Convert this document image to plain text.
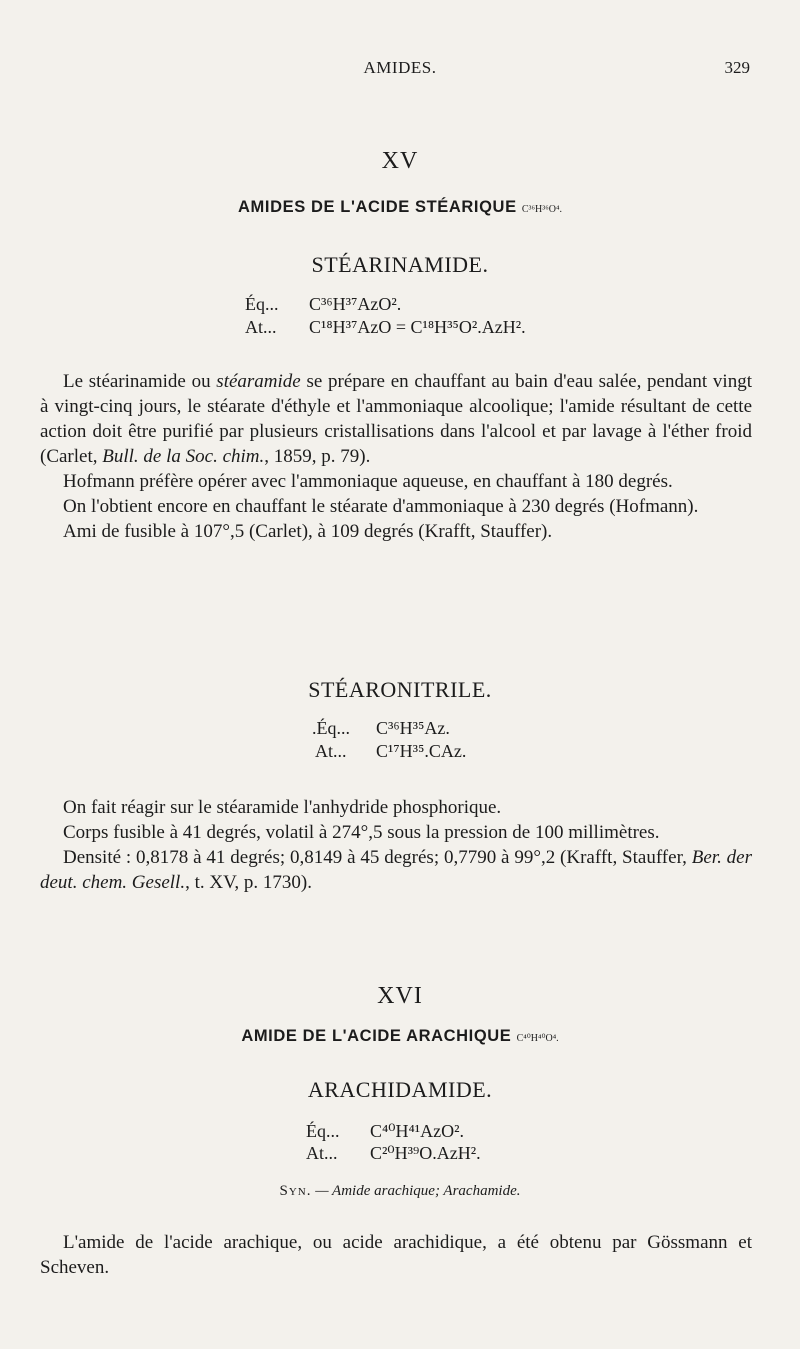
AMIDES.	329
XV
AMIDES DE L'ACIDE STÉARIQUE C³⁶H³⁶O⁴.
STÉARINAMIDE.
Éq... C³⁶H³⁷AzO².
At... C¹⁸H³⁷AzO = C¹⁸H³⁵O².AzH².

Le stéarinamide ou stéaramide se prépare en chauffant au bain d'eau salée, pendant vingt à vingt-cinq jours, le stéarate d'éthyle et l'ammoniaque alcoolique; l'amide résultant de cette action doit être purifié par plusieurs cristallisations dans l'alcool et par lavage à l'éther froid (Carlet, Bull. de la Soc. chim., 1859, p. 79).

Hofmann préfère opérer avec l'ammoniaque aqueuse, en chauffant à 180 degrés.

On l'obtient encore en chauffant le stéarate d'ammoniaque à 230 degrés (Hofmann).

Ami de fusible à 107°,5 (Carlet), à 109 degrés (Krafft, Stauffer).

STÉARONITRILE.
.Éq... C³⁶H³⁵Az.
At... C¹⁷H³⁵.CAz.

On fait réagir sur le stéaramide l'anhydride phosphorique.

Corps fusible à 41 degrés, volatil à 274°,5 sous la pression de 100 millimètres.

Densité : 0,8178 à 41 degrés; 0,8149 à 45 degrés; 0,7790 à 99°,2 (Krafft, Stauffer, Ber. der deut. chem. Gesell., t. XV, p. 1730).

XVI
AMIDE DE L'ACIDE ARACHIQUE C⁴⁰H⁴⁰O⁴.
ARACHIDAMIDE.
Éq... C⁴⁰H⁴¹AzO².
At... C²⁰H³⁹O.AzH².
Syn. — Amide arachique; Arachamide.

L'amide de l'acide arachique, ou acide arachidique, a été obtenu par Gössmann et Scheven.
